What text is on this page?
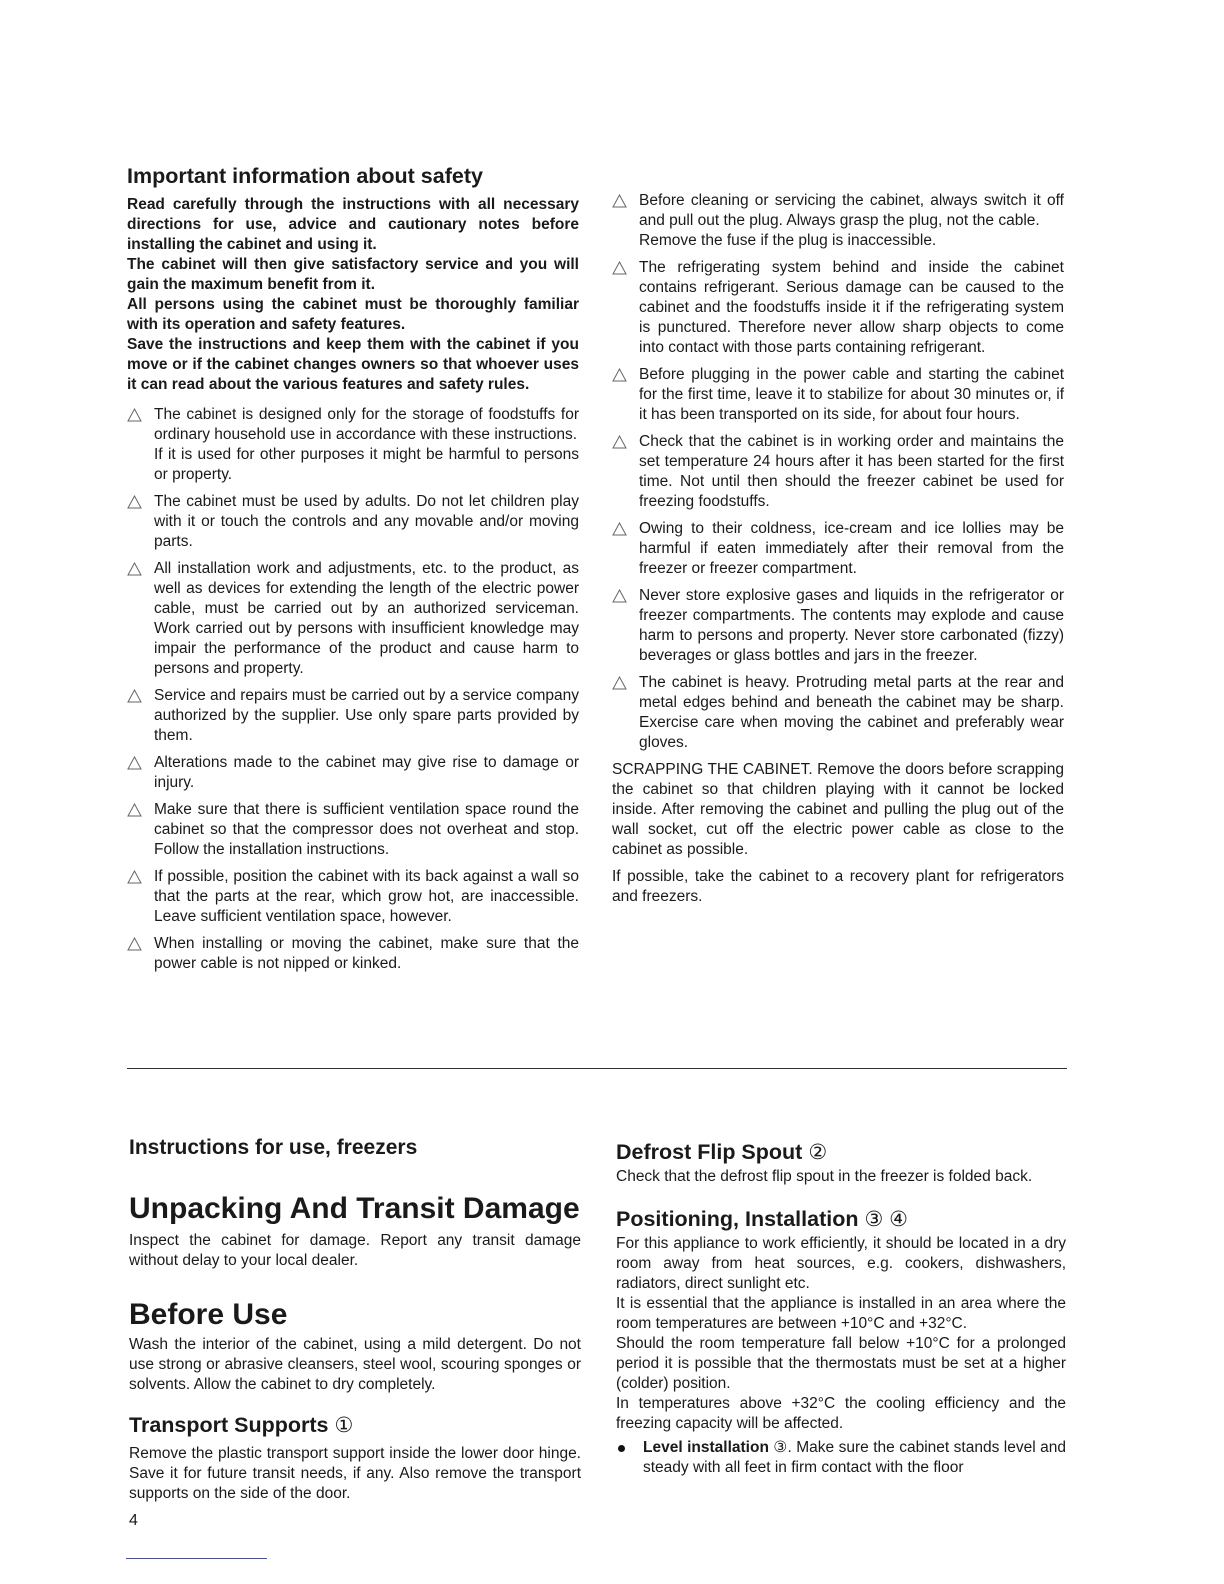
Important information about safety

Read carefully through the instructions with all necessary directions for use, advice and cautionary notes before installing the cabinet and using it.

The cabinet will then give satisfactory service and you will gain the maximum benefit from it.

All persons using the cabinet must be thoroughly familiar with its operation and safety features.

Save the instructions and keep them with the cabinet if you move or if the cabinet changes owners so that whoever uses it can read about the various features and safety rules.

The cabinet is designed only for the storage of foodstuffs for ordinary household use in accordance with these instructions.

If it is used for other purposes it might be harmful to persons or property.

The cabinet must be used by adults. Do not let children play with it or touch the controls and any movable and/or moving parts.

All installation work and adjustments, etc. to the product, as well as devices for extending the length of the electric power cable, must be carried out by an authorized serviceman. Work carried out by persons with insufficient knowledge may impair the performance of the product and cause harm to persons and property.

Service and repairs must be carried out by a service company authorized by the supplier. Use only spare parts provided by them.

Alterations made to the cabinet may give rise to damage or injury.

Make sure that there is sufficient ventilation space round the cabinet so that the compressor does not overheat and stop. Follow the installation instructions.

If possible, position the cabinet with its back against a wall so that the parts at the rear, which grow hot, are inaccessible. Leave sufficient ventilation space, however.

When installing or moving the cabinet, make sure that the power cable is not nipped or kinked.

Before cleaning or servicing the cabinet, always switch it off and pull out the plug. Always grasp the plug, not the cable.

Remove the fuse if the plug is inaccessible.

The refrigerating system behind and inside the cabinet contains refrigerant. Serious damage can be caused to the cabinet and the foodstuffs inside it if the refrigerating system is punctured. Therefore never allow sharp objects to come into contact with those parts containing refrigerant.

Before plugging in the power cable and starting the cabinet for the first time, leave it to stabilize for about 30 minutes or, if it has been transported on its side, for about four hours.

Check that the cabinet is in working order and maintains the set temperature 24 hours after it has been started for the first time. Not until then should the freezer cabinet be used for freezing foodstuffs.

Owing to their coldness, ice-cream and ice lollies may be harmful if eaten immediately after their removal from the freezer or freezer compartment.

Never store explosive gases and liquids in the refrigerator or freezer compartments. The contents may explode and cause harm to persons and property. Never store carbonated (fizzy) beverages or glass bottles and jars in the freezer.

The cabinet is heavy. Protruding metal parts at the rear and metal edges behind and beneath the cabinet may be sharp. Exercise care when moving the cabinet and preferably wear gloves.

SCRAPPING THE CABINET. Remove the doors before scrapping the cabinet so that children playing with it cannot be locked inside. After removing the cabinet and pulling the plug out of the wall socket, cut off the electric power cable as close to the cabinet as possible.

If possible, take the cabinet to a recovery plant for refrigerators and freezers.

Instructions for use, freezers
Unpacking And Transit Damage

Inspect the cabinet for damage. Report any transit damage without delay to your local dealer.

Before Use

Wash the interior of the cabinet, using a mild detergent. Do not use strong or abrasive cleansers, steel wool, scouring sponges or solvents. Allow the cabinet to dry completely.

Transport Supports ①

Remove the plastic transport support inside the lower door hinge. Save it for future transit needs, if any. Also remove the transport supports on the side of the door.

Defrost Flip Spout ②

Check that the defrost flip spout in the freezer is folded back.

Positioning, Installation ③ ④

For this appliance to work efficiently, it should be located in a dry room away from heat sources, e.g. cookers, dishwashers, radiators, direct sunlight etc.

It is essential that the appliance is installed in an area where the room temperatures are between +10°C and +32°C.

Should the room temperature fall below +10°C for a prolonged period it is possible that the thermostats must be set at a higher (colder) position.

In temperatures above +32°C the cooling efficiency and the freezing capacity will be affected.

Level installation ③. Make sure the cabinet stands level and steady with all feet in firm contact with the floor
4
